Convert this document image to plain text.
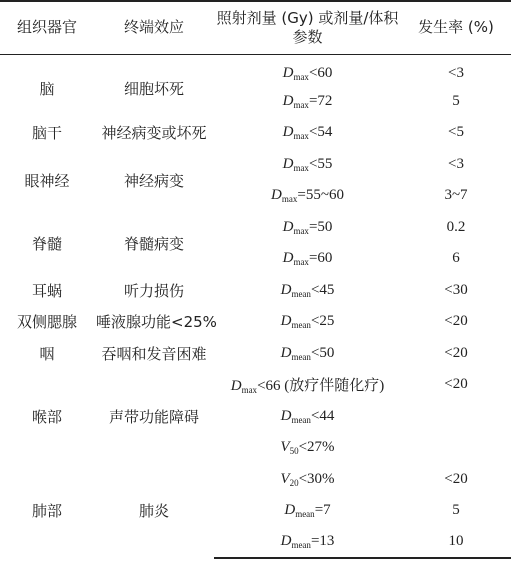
组织器官	终端效应	照射剂量 (Gy) 或剂量/体积参数	发生率 (%)
脑	细胞坏死	$D_{max}<60$	<3
		$D_{max}=72$	5
脑干	神经病变或坏死	$D_{max}<54$	<5
眼神经	神经病变	$D_{max}<55$	<3
		$D_{max}=55\sim 60$	3~7
脊髓	脊髓病变	$D_{max}=50$	0.2
		$D_{max}=60$	6
耳蜗	听力损伤	$D_{mean}<45$	<30
双侧腮腺	唾液腺功能<25%	$D_{mean}<25$	<20
咽	吞咽和发音困难	$D_{mean}<50$	<20
喉部	声带功能障碍	$D_{max}<66$ (放疗伴随化疗)	<20
		$D_{mean}<44$	
		$V_{50}<27\%$	
肺部	肺炎	$V_{20}<30\%$	<20
		$D_{mean}=7$	5
		$D_{mean}=13$	10
